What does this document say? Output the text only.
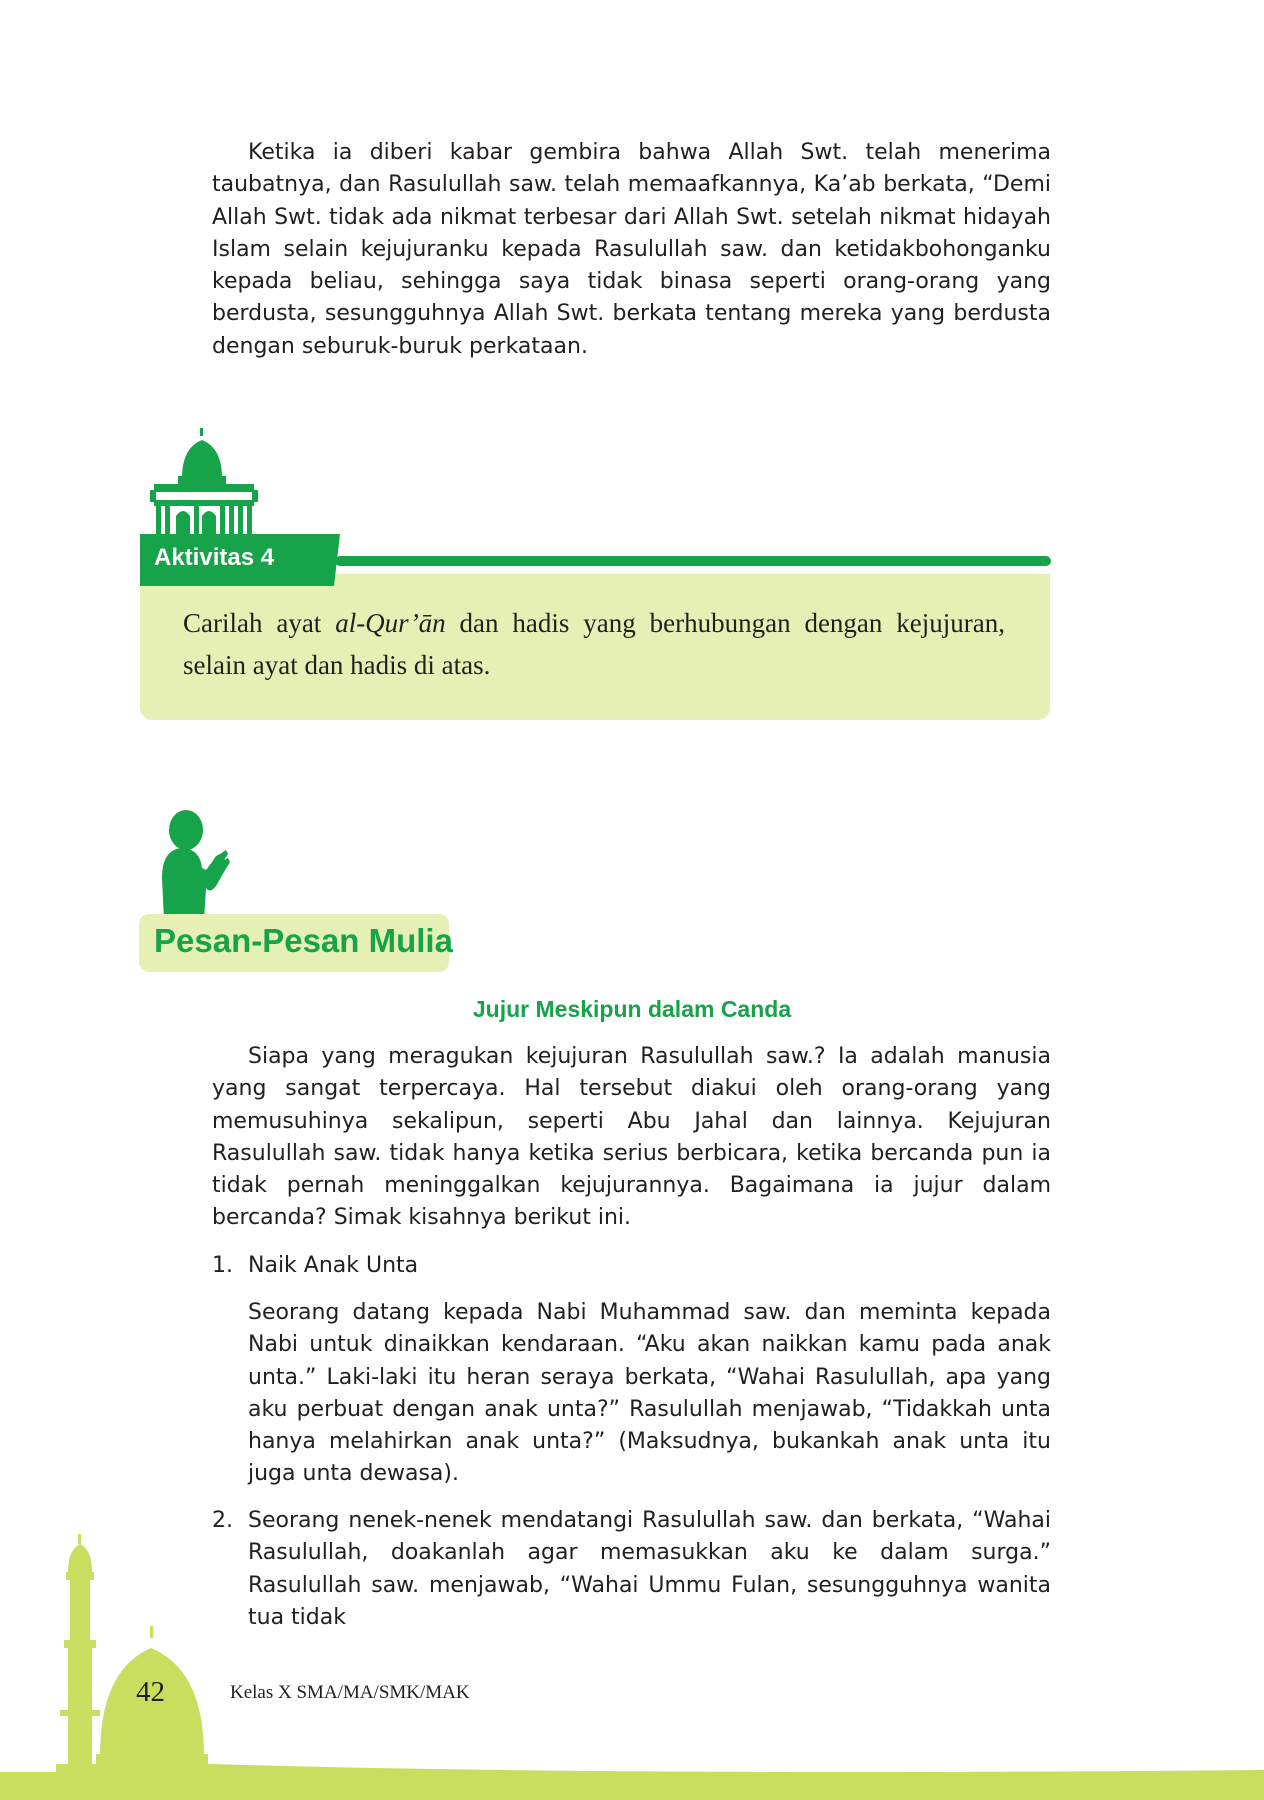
Ketika ia diberi kabar gembira bahwa Allah Swt. telah menerima taubatnya, dan Rasulullah saw. telah memaafkannya, Ka’ab berkata, “Demi Allah Swt. tidak ada nikmat terbesar dari Allah Swt. setelah nikmat hidayah Islam selain kejujuranku kepada Rasulullah saw. dan ketidakbohonganku kepada beliau, sehingga saya tidak binasa seperti orang-orang yang berdusta, sesungguhnya Allah Swt. berkata tentang mereka yang berdusta dengan seburuk-buruk perkataan.

Aktivitas 4
Carilah ayat al-Qur’ān dan hadis yang berhubungan dengan kejujuran, selain ayat dan hadis di atas.
Pesan-Pesan Mulia
Jujur Meskipun dalam Canda

Siapa yang meragukan kejujuran Rasulullah saw.? Ia adalah manusia yang sangat terpercaya. Hal tersebut diakui oleh orang-orang yang memusuhinya sekalipun, seperti Abu Jahal dan lainnya. Kejujuran Rasulullah saw. tidak hanya ketika serius berbicara, ketika bercanda pun ia tidak pernah meninggalkan kejujurannya. Bagaimana ia jujur dalam bercanda? Simak kisahnya berikut ini.

1. Naik Anak Unta

Seorang datang kepada Nabi Muhammad saw. dan meminta kepada Nabi untuk dinaikkan kendaraan. “Aku akan naikkan kamu pada anak unta.” Laki-laki itu heran seraya berkata, “Wahai Rasulullah, apa yang aku perbuat dengan anak unta?” Rasulullah menjawab, “Tidakkah unta hanya melahirkan anak unta?” (Maksudnya, bukankah anak unta itu juga unta dewasa).

2. Seorang nenek-nenek mendatangi Rasulullah saw. dan berkata, “Wahai Rasulullah, doakanlah agar memasukkan aku ke dalam surga.” Rasulullah saw. menjawab, “Wahai Ummu Fulan, sesungguhnya wanita tua tidak

42	Kelas X SMA/MA/SMK/MAK
